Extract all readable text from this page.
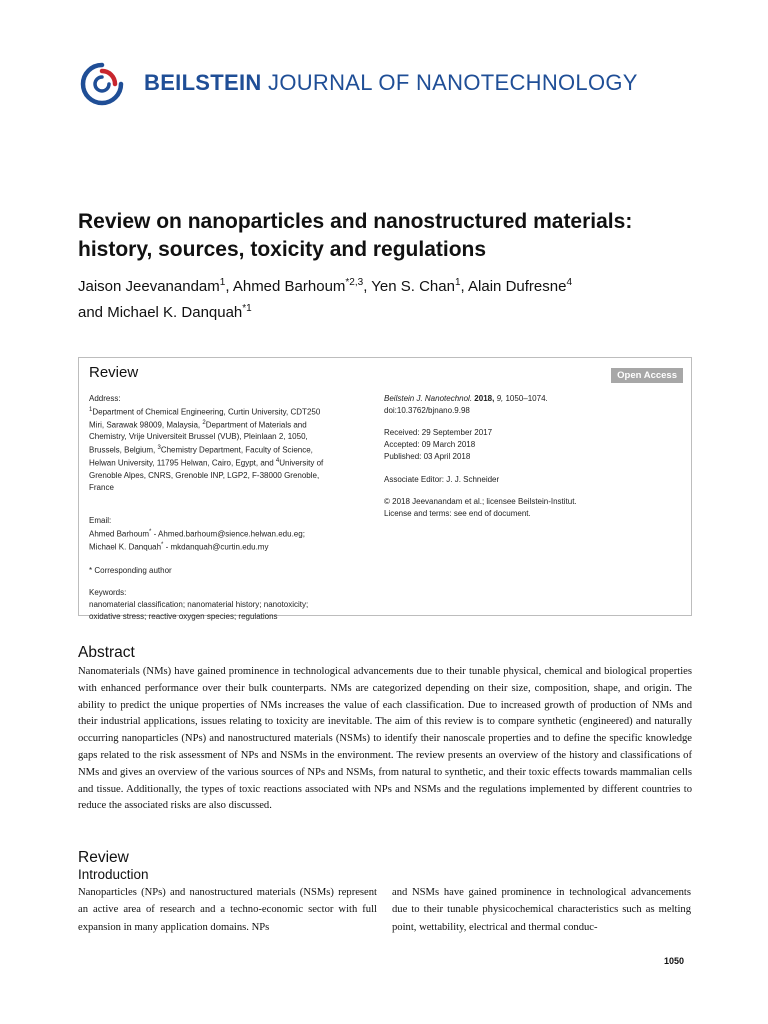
BEILSTEIN JOURNAL OF NANOTECHNOLOGY
Review on nanoparticles and nanostructured materials:
history, sources, toxicity and regulations
Jaison Jeevanandam$^1$, Ahmed Barhoum$^{*2,3}$, Yen S. Chan$^1$, Alain Dufresne$^4$
and Michael K. Danquah$^{*1}$
Review	Open Access

Address:

$^1$Department of Chemical Engineering, Curtin University, CDT250
Miri, Sarawak 98009, Malaysia, $^2$Department of Materials and
Chemistry, Vrije Universiteit Brussel (VUB), Pleinlaan 2, 1050,
Brussels, Belgium, $^3$Chemistry Department, Faculty of Science,
Helwan University, 11795 Helwan, Cairo, Egypt, and $^4$University of
Grenoble Alpes, CNRS, Grenoble INP, LGP2, F-38000 Grenoble,
France

Email:

Ahmed Barhoum* - Ahmed.barhoum@sience.helwan.edu.eg;

Michael K. Danquah* - mkdanquah@curtin.edu.my

* Corresponding author

Keywords:

nanomaterial classification; nanomaterial history; nanotoxicity;

oxidative stress; reactive oxygen species; regulations

Beilstein J. Nanotechnol. 2018, 9, 1050–1074.

doi:10.3762/bjnano.9.98

Received: 29 September 2017

Accepted: 09 March 2018

Published: 03 April 2018

Associate Editor: J. J. Schneider

© 2018 Jeevanandam et al.; licensee Beilstein-Institut.

License and terms: see end of document.

Abstract

Nanomaterials (NMs) have gained prominence in technological advancements due to their tunable physical, chemical and biological properties with enhanced performance over their bulk counterparts. NMs are categorized depending on their size, composition, shape, and origin. The ability to predict the unique properties of NMs increases the value of each classification. Due to increased growth of production of NMs and their industrial applications, issues relating to toxicity are inevitable. The aim of this review is to compare synthetic (engineered) and naturally occurring nanoparticles (NPs) and nanostructured materials (NSMs) to identify their nanoscale properties and to define the specific knowledge gaps related to the risk assessment of NPs and NSMs in the environment. The review presents an overview of the history and classifications of NMs and gives an overview of the various sources of NPs and NSMs, from natural to synthetic, and their toxic effects towards mammalian cells and tissue. Additionally, the types of toxic reactions associated with NPs and NSMs and the regulations implemented by different countries to reduce the associated risks are also discussed.

Review
Introduction

Nanoparticles (NPs) and nanostructured materials (NSMs) represent an active area of research and a techno-economic sector with full expansion in many application domains. NPs

and NSMs have gained prominence in technological advancements due to their tunable physicochemical characteristics such as melting point, wettability, electrical and thermal conduc-

1050
